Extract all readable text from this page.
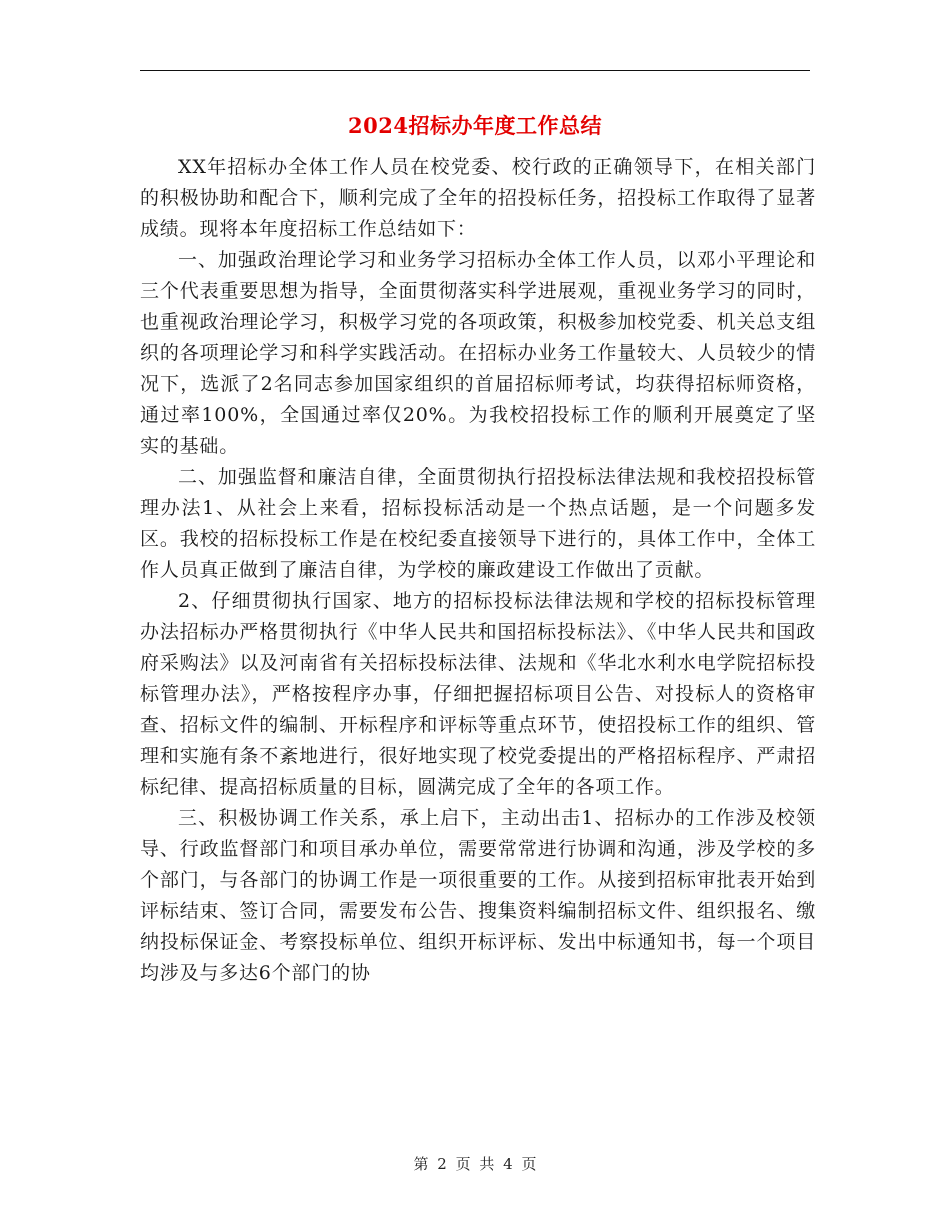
2024招标办年度工作总结

XX年招标办全体工作人员在校党委、校行政的正确领导下，在相关部门的积极协助和配合下，顺利完成了全年的招投标任务，招投标工作取得了显著成绩。现将本年度招标工作总结如下：

一、加强政治理论学习和业务学习招标办全体工作人员，以邓小平理论和三个代表重要思想为指导，全面贯彻落实科学进展观，重视业务学习的同时，也重视政治理论学习，积极学习党的各项政策，积极参加校党委、机关总支组织的各项理论学习和科学实践活动。在招标办业务工作量较大、人员较少的情况下，选派了2名同志参加国家组织的首届招标师考试，均获得招标师资格，通过率100%，全国通过率仅20%。为我校招投标工作的顺利开展奠定了坚实的基础。

二、加强监督和廉洁自律，全面贯彻执行招投标法律法规和我校招投标管理办法1、从社会上来看，招标投标活动是一个热点话题，是一个问题多发区。我校的招标投标工作是在校纪委直接领导下进行的，具体工作中，全体工作人员真正做到了廉洁自律，为学校的廉政建设工作做出了贡献。

2、仔细贯彻执行国家、地方的招标投标法律法规和学校的招标投标管理办法招标办严格贯彻执行《中华人民共和国招标投标法》、《中华人民共和国政府采购法》以及河南省有关招标投标法律、法规和《华北水利水电学院招标投标管理办法》，严格按程序办事，仔细把握招标项目公告、对投标人的资格审查、招标文件的编制、开标程序和评标等重点环节，使招投标工作的组织、管理和实施有条不紊地进行，很好地实现了校党委提出的严格招标程序、严肃招标纪律、提高招标质量的目标，圆满完成了全年的各项工作。

三、积极协调工作关系，承上启下，主动出击1、招标办的工作涉及校领导、行政监督部门和项目承办单位，需要常常进行协调和沟通，涉及学校的多个部门，与各部门的协调工作是一项很重要的工作。从接到招标审批表开始到评标结束、签订合同，需要发布公告、搜集资料编制招标文件、组织报名、缴纳投标保证金、考察投标单位、组织开标评标、发出中标通知书，每一个项目均涉及与多达6个部门的协

第 2 页 共 4 页
